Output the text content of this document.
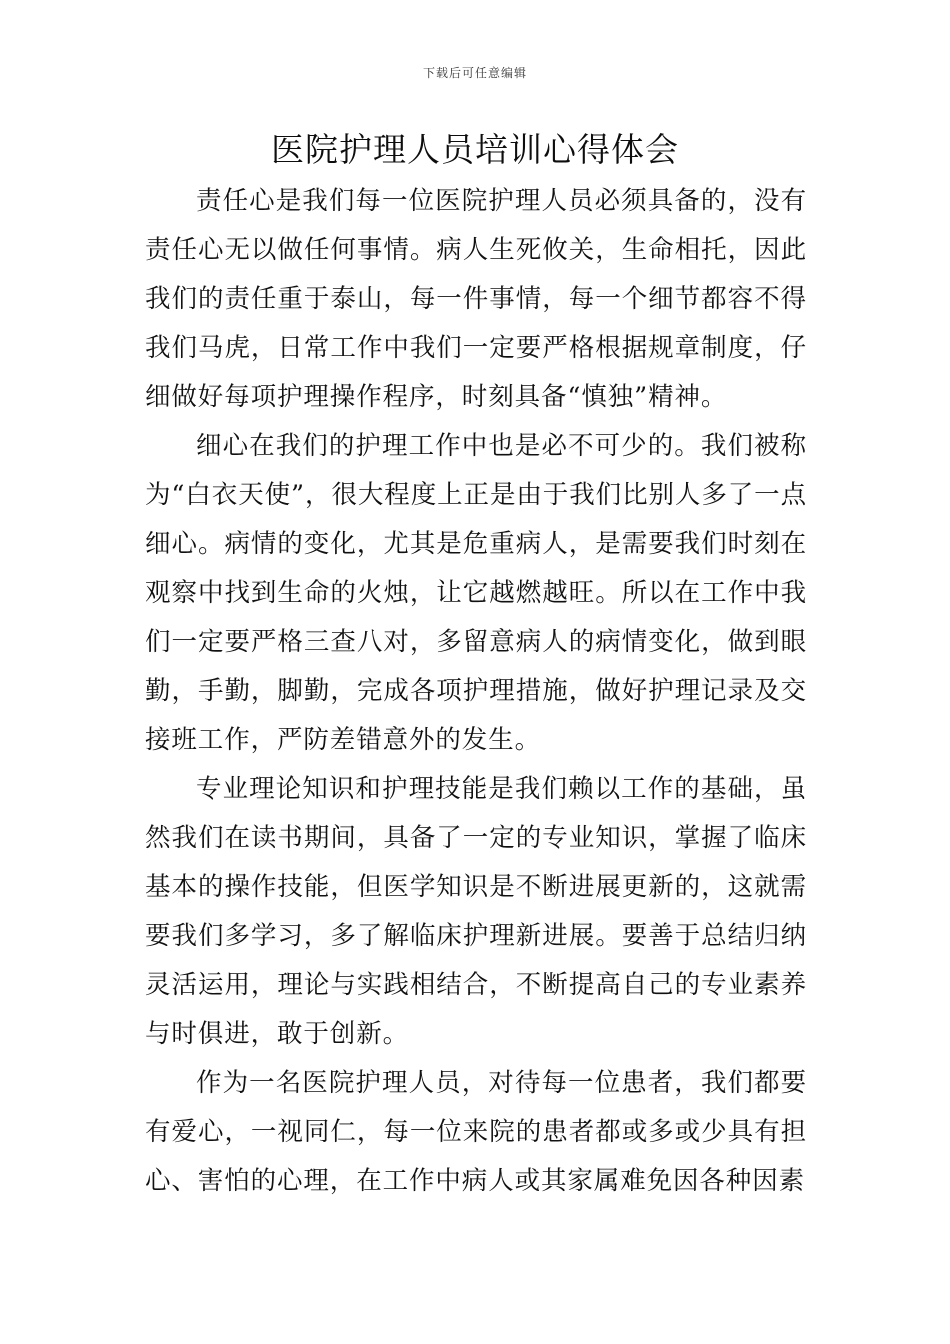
下载后可任意编辑
医院护理人员培训心得体会

责任心是我们每一位医院护理人员必须具备的，没有责任心无以做任何事情。病人生死攸关，生命相托，因此我们的责任重于泰山，每一件事情，每一个细节都容不得我们马虎，日常工作中我们一定要严格根据规章制度，仔细做好每项护理操作程序，时刻具备“慎独”精神。

细心在我们的护理工作中也是必不可少的。我们被称为“白衣天使”，很大程度上正是由于我们比别人多了一点细心。病情的变化，尤其是危重病人，是需要我们时刻在观察中找到生命的火烛，让它越燃越旺。所以在工作中我们一定要严格三查八对，多留意病人的病情变化，做到眼勤，手勤，脚勤，完成各项护理措施，做好护理记录及交接班工作，严防差错意外的发生。

专业理论知识和护理技能是我们赖以工作的基础，虽然我们在读书期间，具备了一定的专业知识，掌握了临床基本的操作技能，但医学知识是不断进展更新的，这就需要我们多学习，多了解临床护理新进展。要善于总结归纳灵活运用，理论与实践相结合，不断提高自己的专业素养与时俱进，敢于创新。

作为一名医院护理人员，对待每一位患者，我们都要有爱心，一视同仁，每一位来院的患者都或多或少具有担心、害怕的心理，在工作中病人或其家属难免因各种因素
